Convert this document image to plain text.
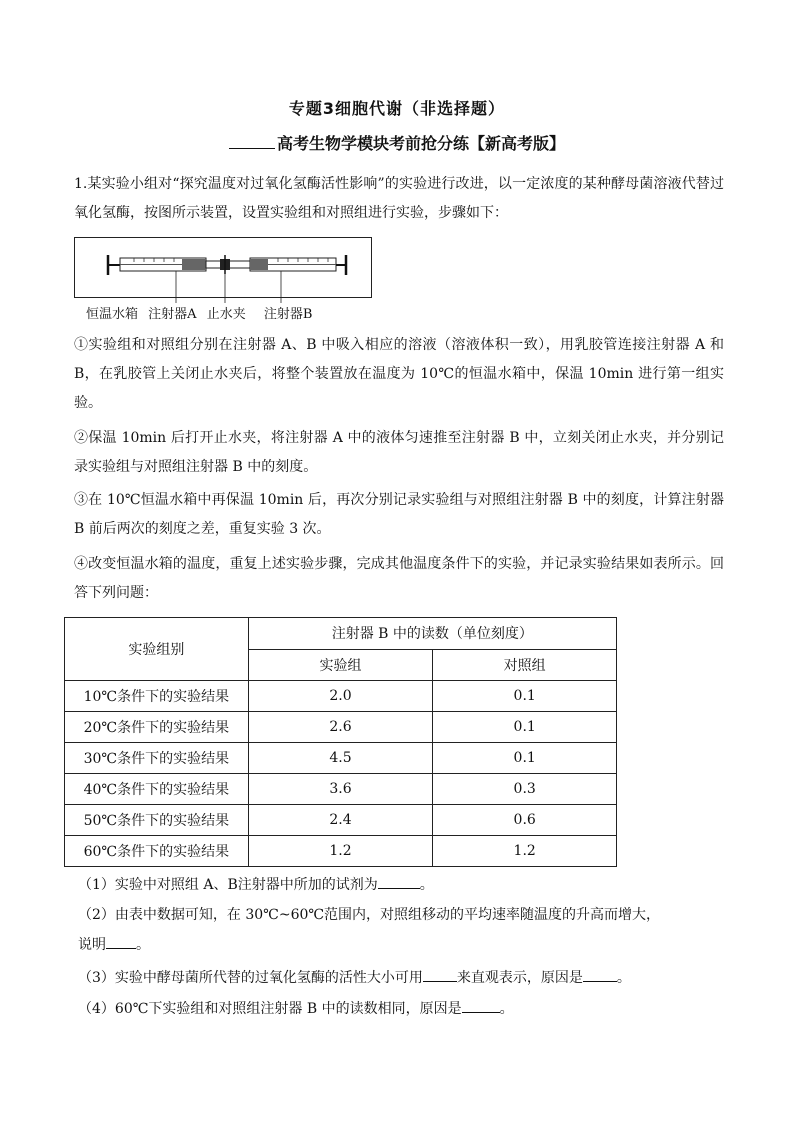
专题3细胞代谢（非选择题）
高考生物学模块考前抢分练【新高考版】
1.某实验小组对“探究温度对过氧化氢酶活性影响”的实验进行改进，以一定浓度的某种酵母菌溶液代替过氧化氢酶，按图所示装置，设置实验组和对照组进行实验，步骤如下：
恒温水箱 注射器A 止水夹 注射器B
①实验组和对照组分别在注射器 A、B 中吸入相应的溶液（溶液体积一致），用乳胶管连接注射器 A 和 B，在乳胶管上关闭止水夹后，将整个装置放在温度为 10℃的恒温水箱中，保温 10min 进行第一组实验。
②保温 10min 后打开止水夹，将注射器 A 中的液体匀速推至注射器 B 中，立刻关闭止水夹，并分别记录实验组与对照组注射器 B 中的刻度。
③在 10℃恒温水箱中再保温 10min 后，再次分别记录实验组与对照组注射器 B 中的刻度，计算注射器 B 前后两次的刻度之差，重复实验 3 次。
④改变恒温水箱的温度，重复上述实验步骤，完成其他温度条件下的实验，并记录实验结果如表所示。回答下列问题：
实验组别	注射器 B 中的读数（单位刻度）	
	实验组	对照组
10℃条件下的实验结果	2.0	0.1
20℃条件下的实验结果	2.6	0.1
30℃条件下的实验结果	4.5	0.1
40℃条件下的实验结果	3.6	0.3
50℃条件下的实验结果	2.4	0.6
60℃条件下的实验结果	1.2	1.2
（1）实验中对照组 A、B注射器中所加的试剂为	。
（2）由表中数据可知，在 30℃~60℃范围内，对照组移动的平均速率随温度的升高而增大，
说明 。
（3）实验中酵母菌所代替的过氧化氢酶的活性大小可用 来直观表示，原因是 。
（4）60℃下实验组和对照组注射器 B 中的读数相同，原因是	。
